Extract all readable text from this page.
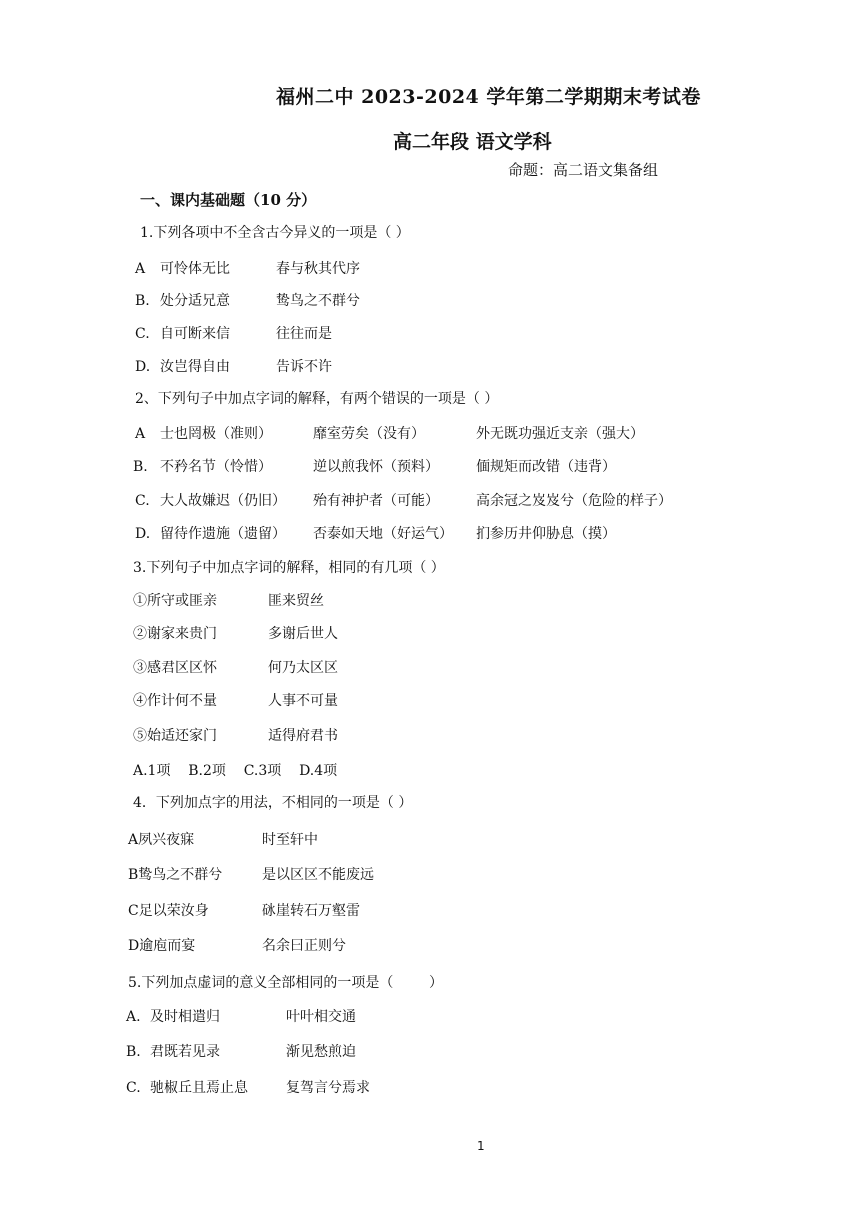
福州二中 2023-2024 学年第二学期期末考试卷
高二年段 语文学科
命题：高二语文集备组
一、课内基础题（10 分）
1.下列各项中不全含古今异义的一项是（ ）
A 可怜体无比	春与秋其代序
B. 处分适兄意	鸷鸟之不群兮
C. 自可断来信	往往而是
D. 汝岂得自由	告诉不许
2、下列句子中加点字词的解释，有两个错误的一项是（ ）
A 士也罔极（准则）	靡室劳矣（没有）	外无既功强近支亲（强大）
B. 不矜名节（怜惜）	逆以煎我怀（预料）	偭规矩而改错（违背）
C. 大人故嫌迟（仍旧） 殆有神护者（可能）	高余冠之岌岌兮（危险的样子）
D. 留待作遗施（遗留） 否泰如天地（好运气） 扪参历井仰胁息（摸）
3.下列句子中加点字词的解释，相同的有几项（ ）
①所守或匪亲	匪来贸丝
②谢家来贵门	多谢后世人
③感君区区怀	何乃太区区
④作计何不量	人事不可量
⑤始适还家门	适得府君书
A.1项    B.2项    C.3项    D.4项
4．下列加点字的用法，不相同的一项是（ ）
A夙兴夜寐	时至轩中
B鸷鸟之不群兮	是以区区不能废远
C足以荣汝身	砯崖转石万壑雷
D逾庖而宴	名余曰正则兮
5.下列加点虚词的意义全部相同的一项是（        ）
A. 及时相遣归	叶叶相交通
B. 君既若见录	渐见愁煎迫
C. 驰椒丘且焉止息	复驾言兮焉求
1
